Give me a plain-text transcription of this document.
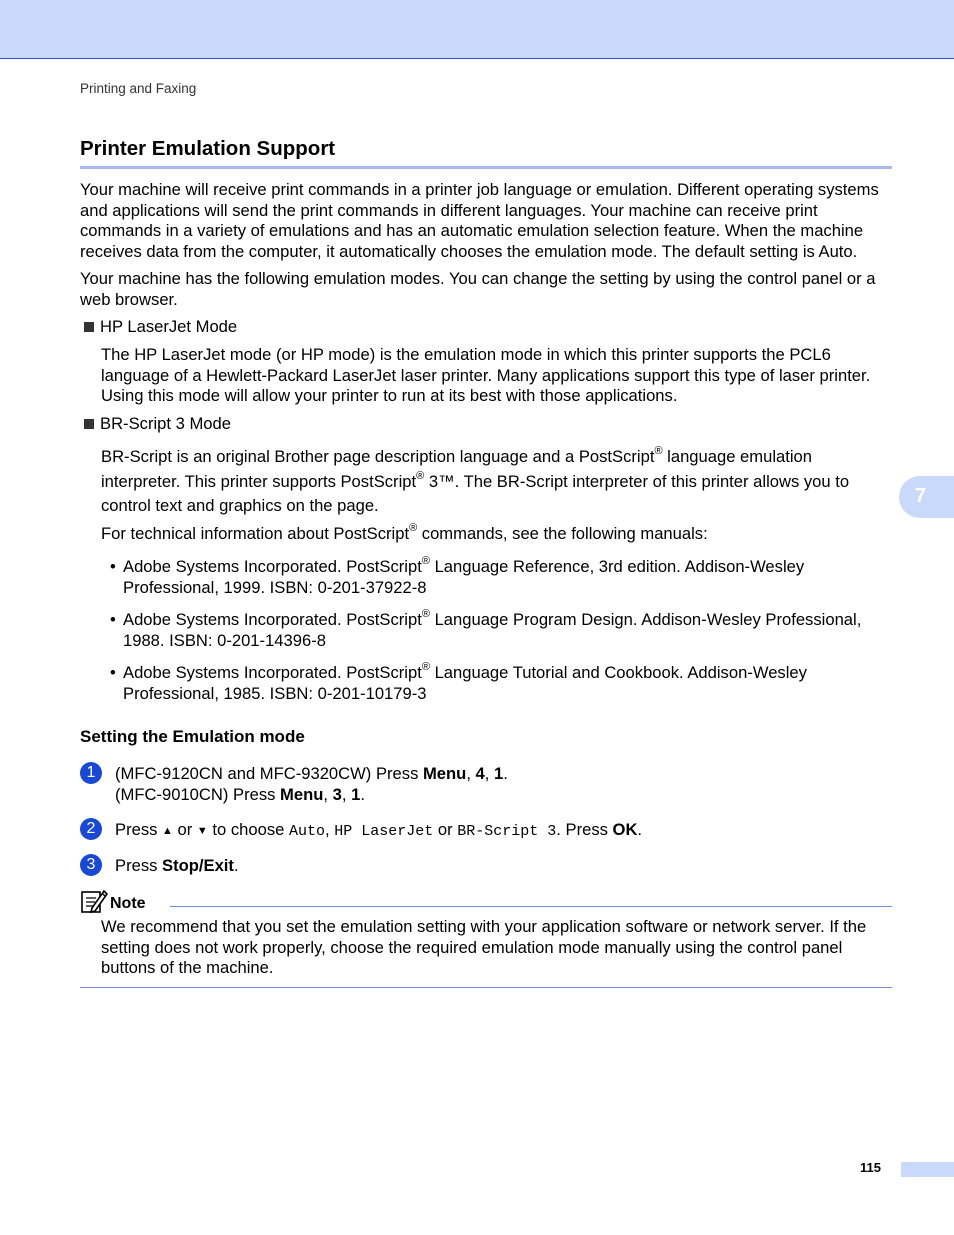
Printing and Faxing
7
Printer Emulation Support

Your machine will receive print commands in a printer job language or emulation. Different operating systems and applications will send the print commands in different languages. Your machine can receive print commands in a variety of emulations and has an automatic emulation selection feature. When the machine receives data from the computer, it automatically chooses the emulation mode. The default setting is Auto.

Your machine has the following emulation modes. You can change the setting by using the control panel or a web browser.

HP LaserJet Mode

The HP LaserJet mode (or HP mode) is the emulation mode in which this printer supports the PCL6 language of a Hewlett-Packard LaserJet laser printer. Many applications support this type of laser printer. Using this mode will allow your printer to run at its best with those applications.

BR-Script 3 Mode

BR-Script is an original Brother page description language and a PostScript® language emulation interpreter. This printer supports PostScript® 3™. The BR-Script interpreter of this printer allows you to control text and graphics on the page.

For technical information about PostScript® commands, see the following manuals:

• Adobe Systems Incorporated. PostScript® Language Reference, 3rd edition. Addison-Wesley Professional, 1999. ISBN: 0-201-37922-8

• Adobe Systems Incorporated. PostScript® Language Program Design. Addison-Wesley Professional, 1988. ISBN: 0-201-14396-8

• Adobe Systems Incorporated. PostScript® Language Tutorial and Cookbook. Addison-Wesley Professional, 1985. ISBN: 0-201-10179-3

Setting the Emulation mode
1	(MFC-9120CN and MFC-9320CW) Press Menu, 4, 1.
(MFC-9010CN) Press Menu, 3, 1.

2	Press ▲ or ▼ to choose Auto, HP LaserJet or BR-Script 3. Press OK.

3	Press Stop/Exit.

Note

We recommend that you set the emulation setting with your application software or network server. If the setting does not work properly, choose the required emulation mode manually using the control panel buttons of the machine.

115
